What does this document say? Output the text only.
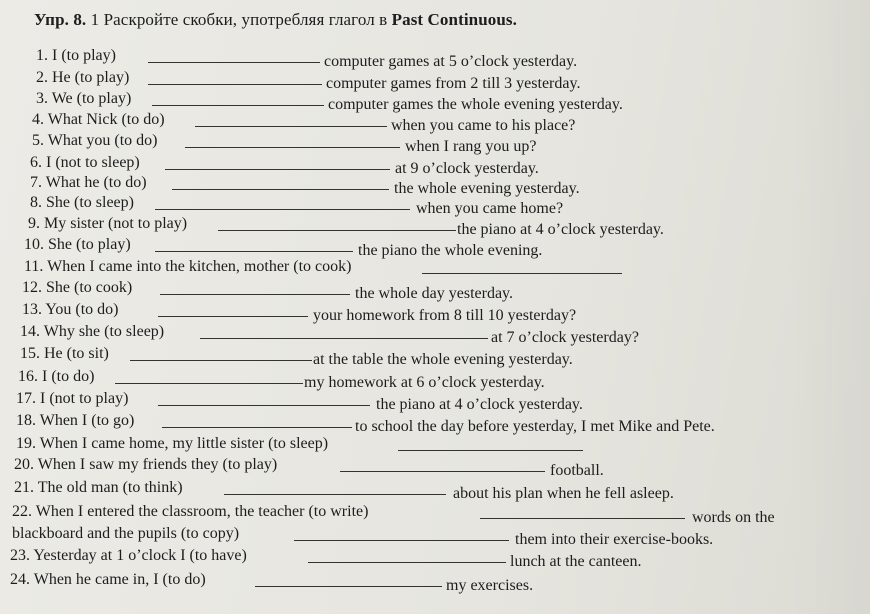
Упр. 8. 1 Раскройте скобки, употребляя глагол в Past Continuous.
1. I (to play)	computer games at 5 o’clock yesterday.
2. He (to play)	computer games from 2 till 3 yesterday.
3. We (to play)	computer games the whole evening yesterday.
4. What Nick (to do)	when you came to his place?
5. What you (to do)	when I rang you up?
6. I (not to sleep)	at 9 o’clock yesterday.
7. What he (to do)	the whole evening yesterday.
8. She (to sleep)	when you came home?
9. My sister (not to play)	the piano at 4 o’clock yesterday.
10. She (to play)	the piano the whole evening.
11. When I came into the kitchen, mother (to cook)
12. She (to cook)	the whole day yesterday.
13. You (to do)	your homework from 8 till 10 yesterday?
14. Why she (to sleep)	at 7 o’clock yesterday?
15. He (to sit)	at the table the whole evening yesterday.
16. I (to do)	my homework at 6 o’clock yesterday.
17. I (not to play)	the piano at 4 o’clock yesterday.
18. When I (to go)	to school the day before yesterday, I met Mike and Pete.
19. When I came home, my little sister (to sleep)
20. When I saw my friends they (to play)	football.
21. The old man (to think)	about his plan when he fell asleep.
22. When I entered the classroom, the teacher (to write)	words on the
blackboard and the pupils (to copy)	them into their exercise-books.
23. Yesterday at 1 o’clock I (to have)	lunch at the canteen.
24. When he came in, I (to do)	my exercises.
